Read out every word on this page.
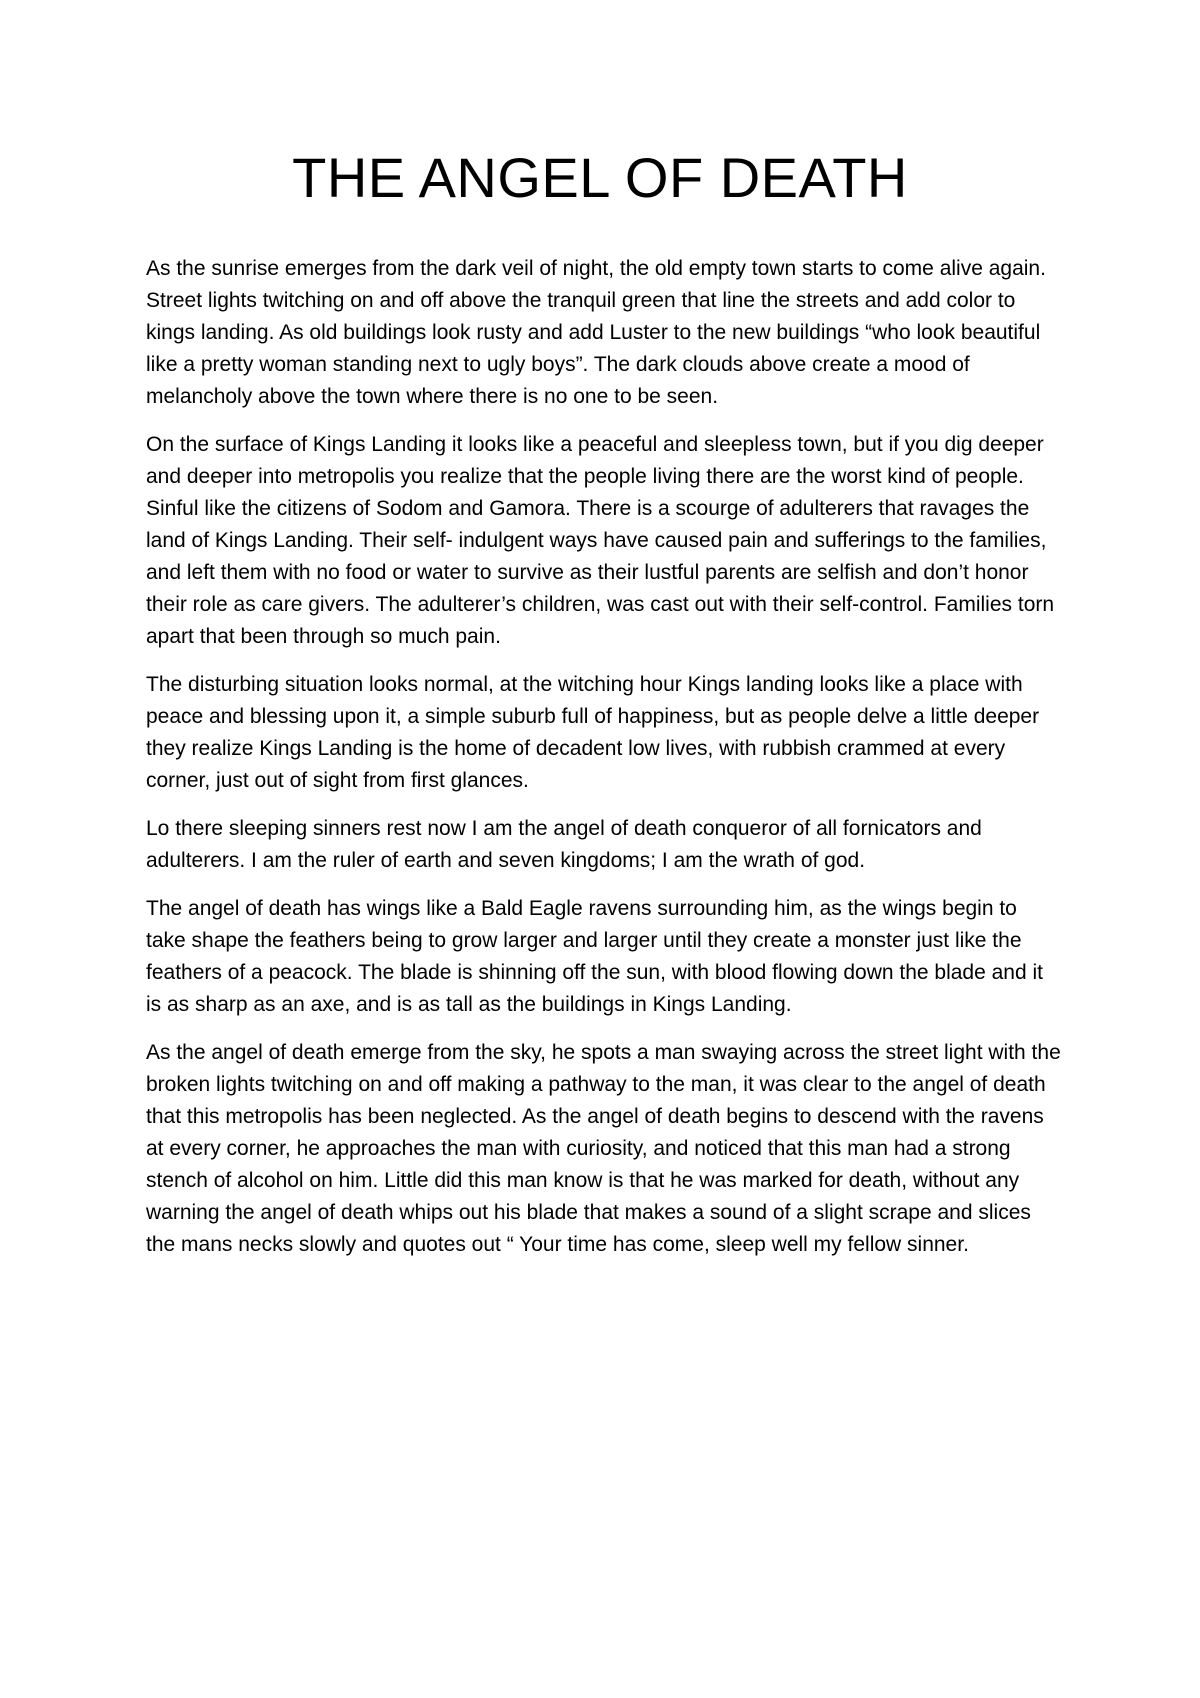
THE ANGEL OF DEATH

As the sunrise emerges from the dark veil of night, the old empty town starts to come alive again. Street lights twitching on and off above the tranquil green that line the streets and add color to kings landing. As old buildings look rusty and add Luster to the new buildings “who look beautiful like a pretty woman standing next to ugly boys”. The dark clouds above create a mood of melancholy above the town where there is no one to be seen.

On the surface of Kings Landing it looks like a peaceful and sleepless town, but if you dig deeper and deeper into metropolis you realize that the people living there are the worst kind of people. Sinful like the citizens of Sodom and Gamora. There is a scourge of adulterers that ravages the land of Kings Landing. Their self- indulgent ways have caused pain and sufferings to the families, and left them with no food or water to survive as their lustful parents are selfish and don’t honor their role as care givers. The adulterer’s children, was cast out with their self-control. Families torn apart that been through so much pain.

The disturbing situation looks normal, at the witching hour Kings landing looks like a place with peace and blessing upon it, a simple suburb full of happiness, but as people delve a little deeper they realize Kings Landing is the home of decadent low lives, with rubbish crammed at every corner, just out of sight from first glances.

Lo there sleeping sinners rest now I am the angel of death conqueror of all fornicators and adulterers. I am the ruler of earth and seven kingdoms; I am the wrath of god.

The angel of death has wings like a Bald Eagle ravens surrounding him, as the wings begin to take shape the feathers being to grow larger and larger until they create a monster just like the feathers of a peacock. The blade is shinning off the sun, with blood flowing down the blade and it is as sharp as an axe, and is as tall as the buildings in Kings Landing.

As the angel of death emerge from the sky, he spots a man swaying across the street light with the broken lights twitching on and off making a pathway to the man, it was clear to the angel of death that this metropolis has been neglected. As the angel of death begins to descend with the ravens at every corner, he approaches the man with curiosity, and noticed that this man had a strong stench of alcohol on him. Little did this man know is that he was marked for death, without any warning the angel of death whips out his blade that makes a sound of a slight scrape and slices the mans necks slowly and quotes out “ Your time has come, sleep well my fellow sinner.
